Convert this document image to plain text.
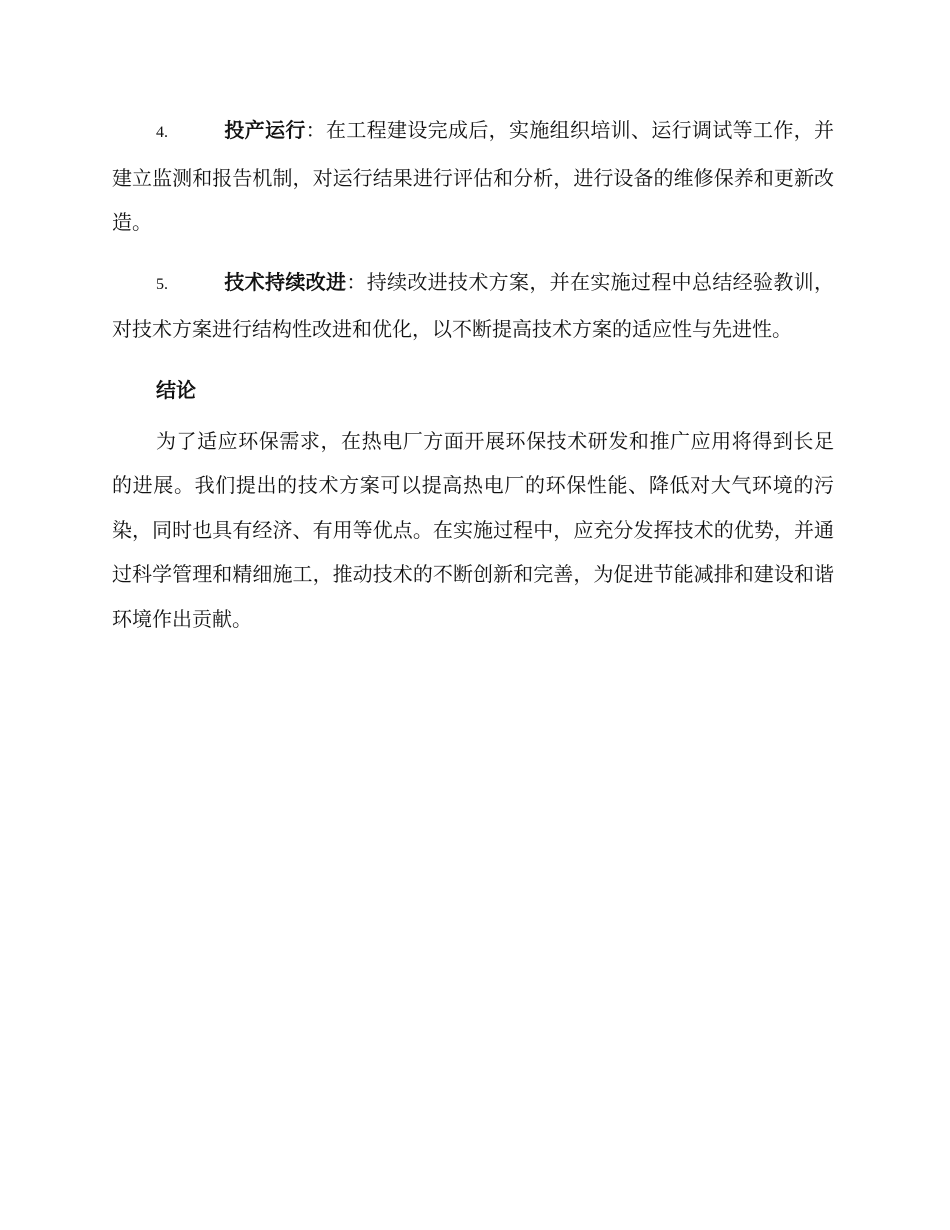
4.	投产运行：在工程建设完成后，实施组织培训、运行调试等工作，并建立监测和报告机制，对运行结果进行评估和分析，进行设备的维修保养和更新改造。

5.	技术持续改进：持续改进技术方案，并在实施过程中总结经验教训，对技术方案进行结构性改进和优化，以不断提高技术方案的适应性与先进性。

结论

为了适应环保需求，在热电厂方面开展环保技术研发和推广应用将得到长足的进展。我们提出的技术方案可以提高热电厂的环保性能、降低对大气环境的污染，同时也具有经济、有用等优点。在实施过程中，应充分发挥技术的优势，并通过科学管理和精细施工，推动技术的不断创新和完善，为促进节能减排和建设和谐环境作出贡献。
